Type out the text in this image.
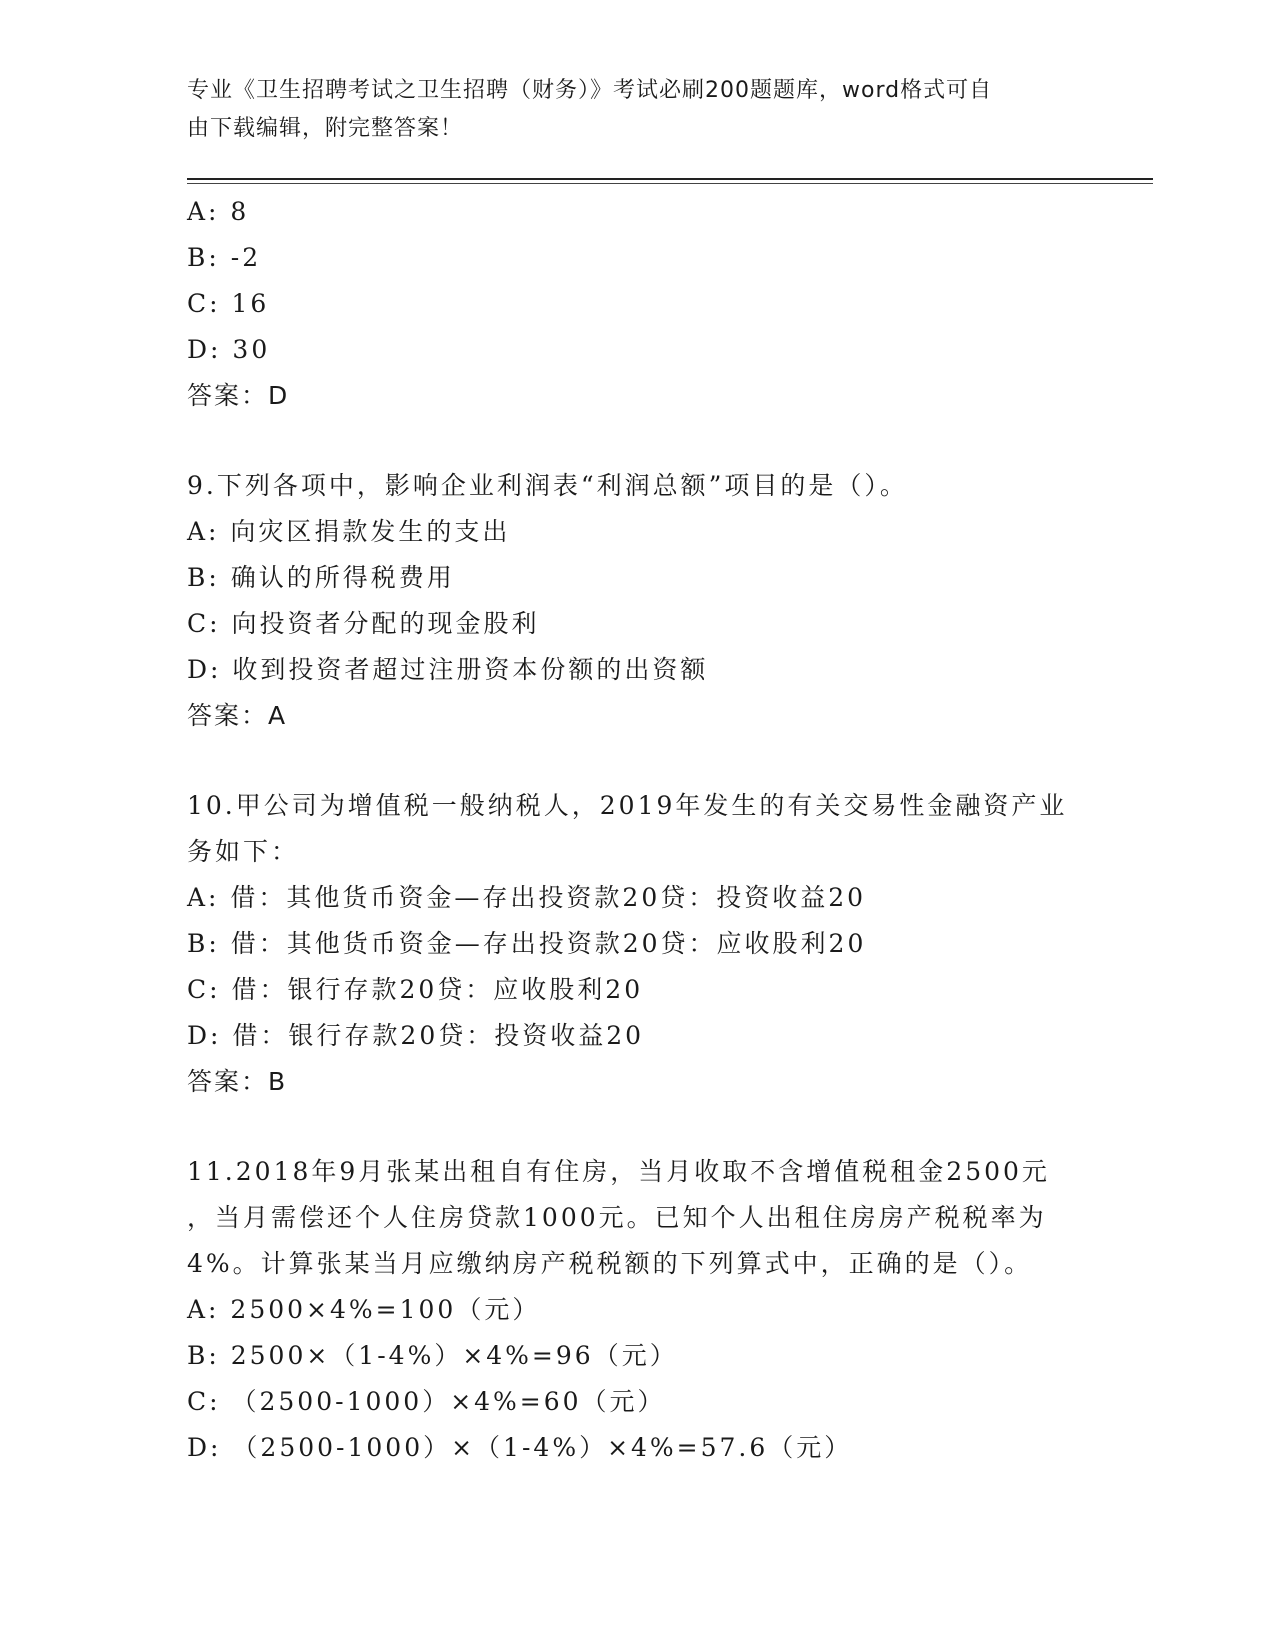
专业《卫生招聘考试之卫生招聘（财务）》考试必刷200题题库，word格式可自
由下载编辑，附完整答案！
A: 8
B: -2
C: 16
D: 30
答案：D
9.下列各项中，影响企业利润表“利润总额”项目的是（）。
A: 向灾区捐款发生的支出
B: 确认的所得税费用
C: 向投资者分配的现金股利
D: 收到投资者超过注册资本份额的出资额
答案：A
10.甲公司为增值税一般纳税人，2019年发生的有关交易性金融资产业
务如下：
A: 借：其他货币资金—存出投资款20贷：投资收益20
B: 借：其他货币资金—存出投资款20贷：应收股利20
C: 借：银行存款20贷：应收股利20
D: 借：银行存款20贷：投资收益20
答案：B
11.2018年9月张某出租自有住房，当月收取不含增值税租金2500元
，当月需偿还个人住房贷款1000元。已知个人出租住房房产税税率为
4%。计算张某当月应缴纳房产税税额的下列算式中，正确的是（）。
A: 2500×4%=100（元）
B: 2500×（1-4%）×4%=96（元）
C: （2500-1000）×4%=60（元）
D: （2500-1000）×（1-4%）×4%=57.6（元）
